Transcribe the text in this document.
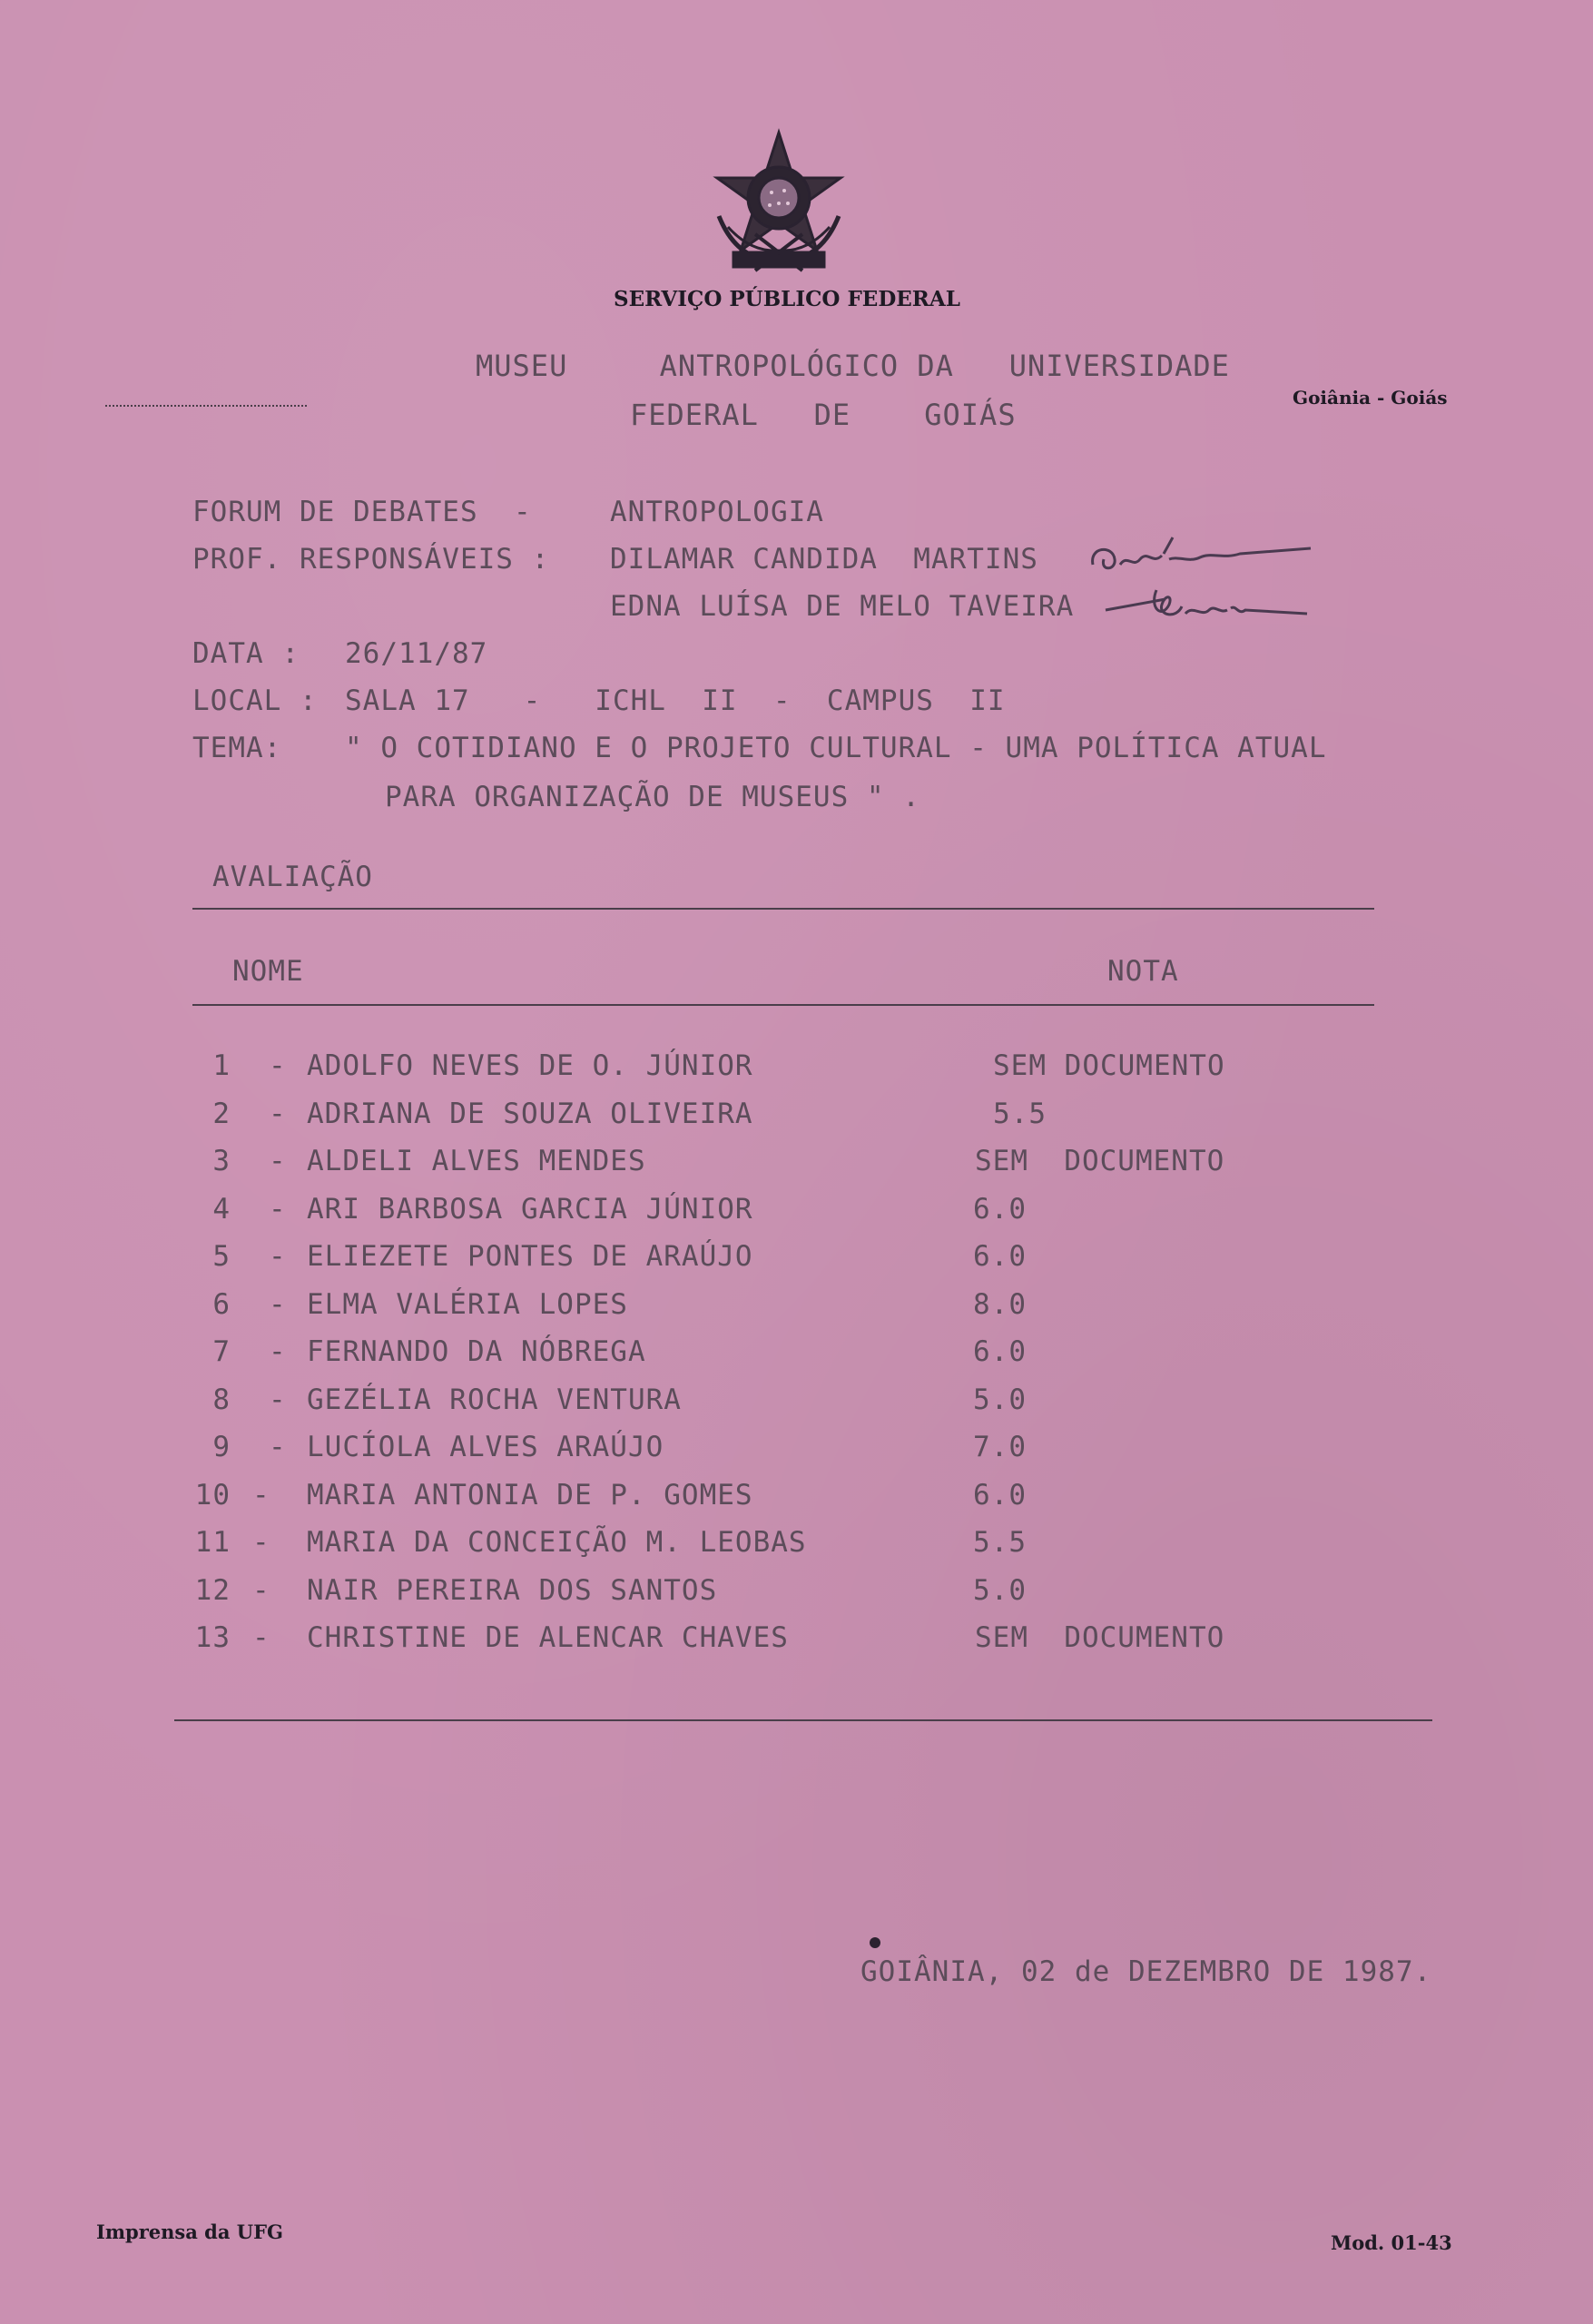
SERVIÇO PÚBLICO FEDERAL
MUSEU     ANTROPOLÓGICO DA   UNIVERSIDADE
FEDERAL   DE    GOIÁS	Goiânia - Goiás
FORUM DE DEBATES  -	ANTROPOLOGIA
PROF. RESPONSÁVEIS : DILAMAR CANDIDA  MARTINS
EDNA LUÍSA DE MELO TAVEIRA
DATA : 26/11/87
LOCAL : SALA 17   -   ICHL  II  -  CAMPUS  II
TEMA: " O COTIDIANO E O PROJETO CULTURAL - UMA POLÍTICA ATUAL
PARA ORGANIZAÇÃO DE MUSEUS " .
AVALIAÇÃO
NOME	NOTA
1 - ADOLFO NEVES DE O. JÚNIOR	SEM DOCUMENTO
2 - ADRIANA DE SOUZA OLIVEIRA	5.5
3 - ALDELI ALVES MENDES	SEM  DOCUMENTO
4 - ARI BARBOSA GARCIA JÚNIOR	6.0
5 - ELIEZETE PONTES DE ARAÚJO	6.0
6 - ELMA VALÉRIA LOPES	8.0
7 - FERNANDO DA NÓBREGA	6.0
8 - GEZÉLIA ROCHA VENTURA	5.0
9 - LUCÍOLA ALVES ARAÚJO	7.0
10 - MARIA ANTONIA DE P. GOMES	6.0
11 - MARIA DA CONCEIÇÃO M. LEOBAS	5.5
12 - NAIR PEREIRA DOS SANTOS	5.0
13 - CHRISTINE DE ALENCAR CHAVES	SEM  DOCUMENTO
GOIÂNIA, 02 de DEZEMBRO DE 1987.
Imprensa da UFG	Mod. 01-43
